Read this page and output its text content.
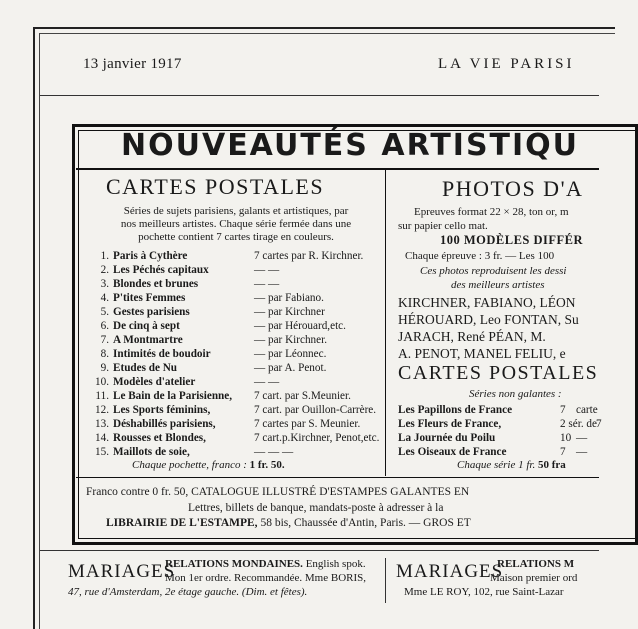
13 janvier 1917	LA VIE PARISI
NOUVEAUTÉS ARTISTIQU
CARTES POSTALES
Séries de sujets parisiens, galants et artistiques, par
nos meilleurs artistes. Chaque série fermée dans une
pochette contient 7 cartes tirage en couleurs.
1. Paris à Cythère	7 cartes par R. Kirchner.
2. Les Péchés capitaux	— —
3. Blondes et brunes	— —
4. P'tites Femmes	— par Fabiano.
5. Gestes parisiens	— par Kirchner
6. De cinq à sept	— par Hérouard,etc.
7. A Montmartre	— par Kirchner.
8. Intimités de boudoir	— par Léonnec.
9. Etudes de Nu	— par A. Penot.
10. Modèles d'atelier	— —
11. Le Bain de la Parisienne, 7 cart. par S.Meunier.
12. Les Sports féminins,	7 cart. par Ouillon-Carrère.
13. Déshabillés parisiens,	7 cartes par S. Meunier.
14. Rousses et Blondes,	7 cart.p.Kirchner, Penot,etc.
15. Maillots de soie,	— — —
Chaque pochette, franco : 1 fr. 50.
PHOTOS D'A
Epreuves format 22 × 28, ton or, m
sur papier cello mat.
100 MODÈLES DIFFÉR
Chaque épreuve : 3 fr. — Les 100
Ces photos reproduisent les dessi
des meilleurs artistes
KIRCHNER, FABIANO, LÉON
HÉROUARD, Leo FONTAN, Su
JARACH, René PÉAN, M.
A. PENOT, MANEL FELIU, e
CARTES POSTALES
Séries non galantes :
Les Papillons de France	7 carte
Les Fleurs de France,	2 sér. de 7
La Journée du Poilu	10 —
Les Oiseaux de France	7 —
Chaque série 1 fr. 50 fra
Franco contre 0 fr. 50, CATALOGUE ILLUSTRÉ D'ESTAMPES GALANTES EN
Lettres, billets de banque, mandats-poste à adresser à la
LIBRAIRIE DE L'ESTAMPE, 58 bis, Chaussée d'Antin, Paris. — GROS ET
MARIAGES
RELATIONS MONDAINES. English spok.
Mon 1er ordre. Recommandée. Mme BORIS,
47, rue d'Amsterdam, 2e étage gauche. (Dim. et fêtes).
MARIAGES
RELATIONS M
Maison premier ord
Mme LE ROY, 102, rue Saint-Lazar
